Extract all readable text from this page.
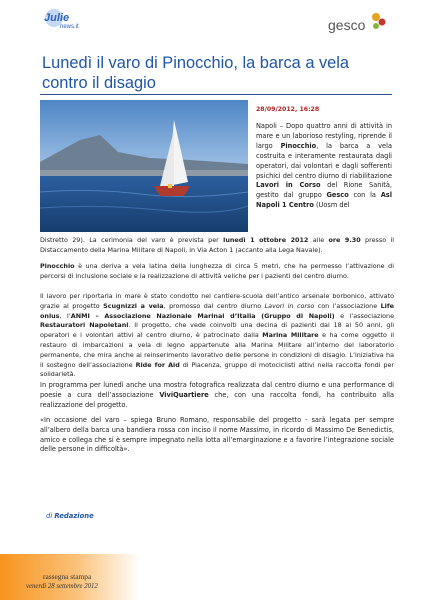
Julie
news.it	gesco
Lunedì il varo di Pinocchio, la barca a vela contro il disagio
28/09/2012, 16:28

Napoli – Dopo quattro anni di attività in mare e un laborioso restyling, riprende il largo Pinocchio, la barca a vela costruita e interamente restaurata dagli operatori, dai volontari e dagli sofferenti psichici del centro diurno di riabilitazione Lavori in Corso del Rione Sanità, gestito dal gruppo Gesco con la Asl Napoli 1 Centro (Uosm del

Distretto 29). La cerimonia del varo è prevista per lunedì 1 ottobre 2012 alle ore 9.30 presso il Distaccamento della Marina Militare di Napoli, in Via Acton 1 (accanto alla Lega Navale).

Pinocchio è una deriva a vela latina della lunghezza di circa 5 metri, che ha permesso l’attivazione di percorsi di inclusione sociale e la realizzazione di attività veliche per i pazienti del centro diurno.

Il lavoro per riportarla in mare è stato condotto nel cantiere-scuola dell’antico arsenale borbonico, attivato grazie al progetto Scugnizzi a vela, promosso dal centro diurno Lavori in corso con l’associazione Life onlus, l’ANMI – Associazione Nazionale Marinai d’Italia (Gruppo di Napoli) e l’associazione Restauratori Napoletani. Il progetto, che vede coinvolti una decina di pazienti dai 18 ai 50 anni, gli operatori e i volontari attivi al centro diurno, è patrocinato dalla Marina Militare e ha come oggetto il restauro di imbarcazioni a vela di legno appartenute alla Marina Militare all’interno del laboratorio permanente, che mira anche al reinserimento lavorativo delle persone in condizioni di disagio. L’iniziativa ha il sostegno dell’associazione Ride for Aid di Piacenza, gruppo di motociclisti attivi nella raccolta fondi per solidarietà.

In programma per lunedì anche una mostra fotografica realizzata dal centro diurno e una performance di poesie a cura dell’associazione ViviQuartiere che, con una raccolta fondi, ha contribuito alla realizzazione del progetto.

«In occasione del varo – spiega Bruno Romano, responsabile del progetto - sarà legata per sempre all’albero della barca una bandiera rossa con inciso il nome Massimo, in ricordo di Massimo De Benedictis, amico e collega che si è sempre impegnato nella lotta all’emarginazione e a favorire l’integrazione sociale delle persone in difficoltà».

di Redazione
rassegna stampa
venerdì 28 settembre 2012
